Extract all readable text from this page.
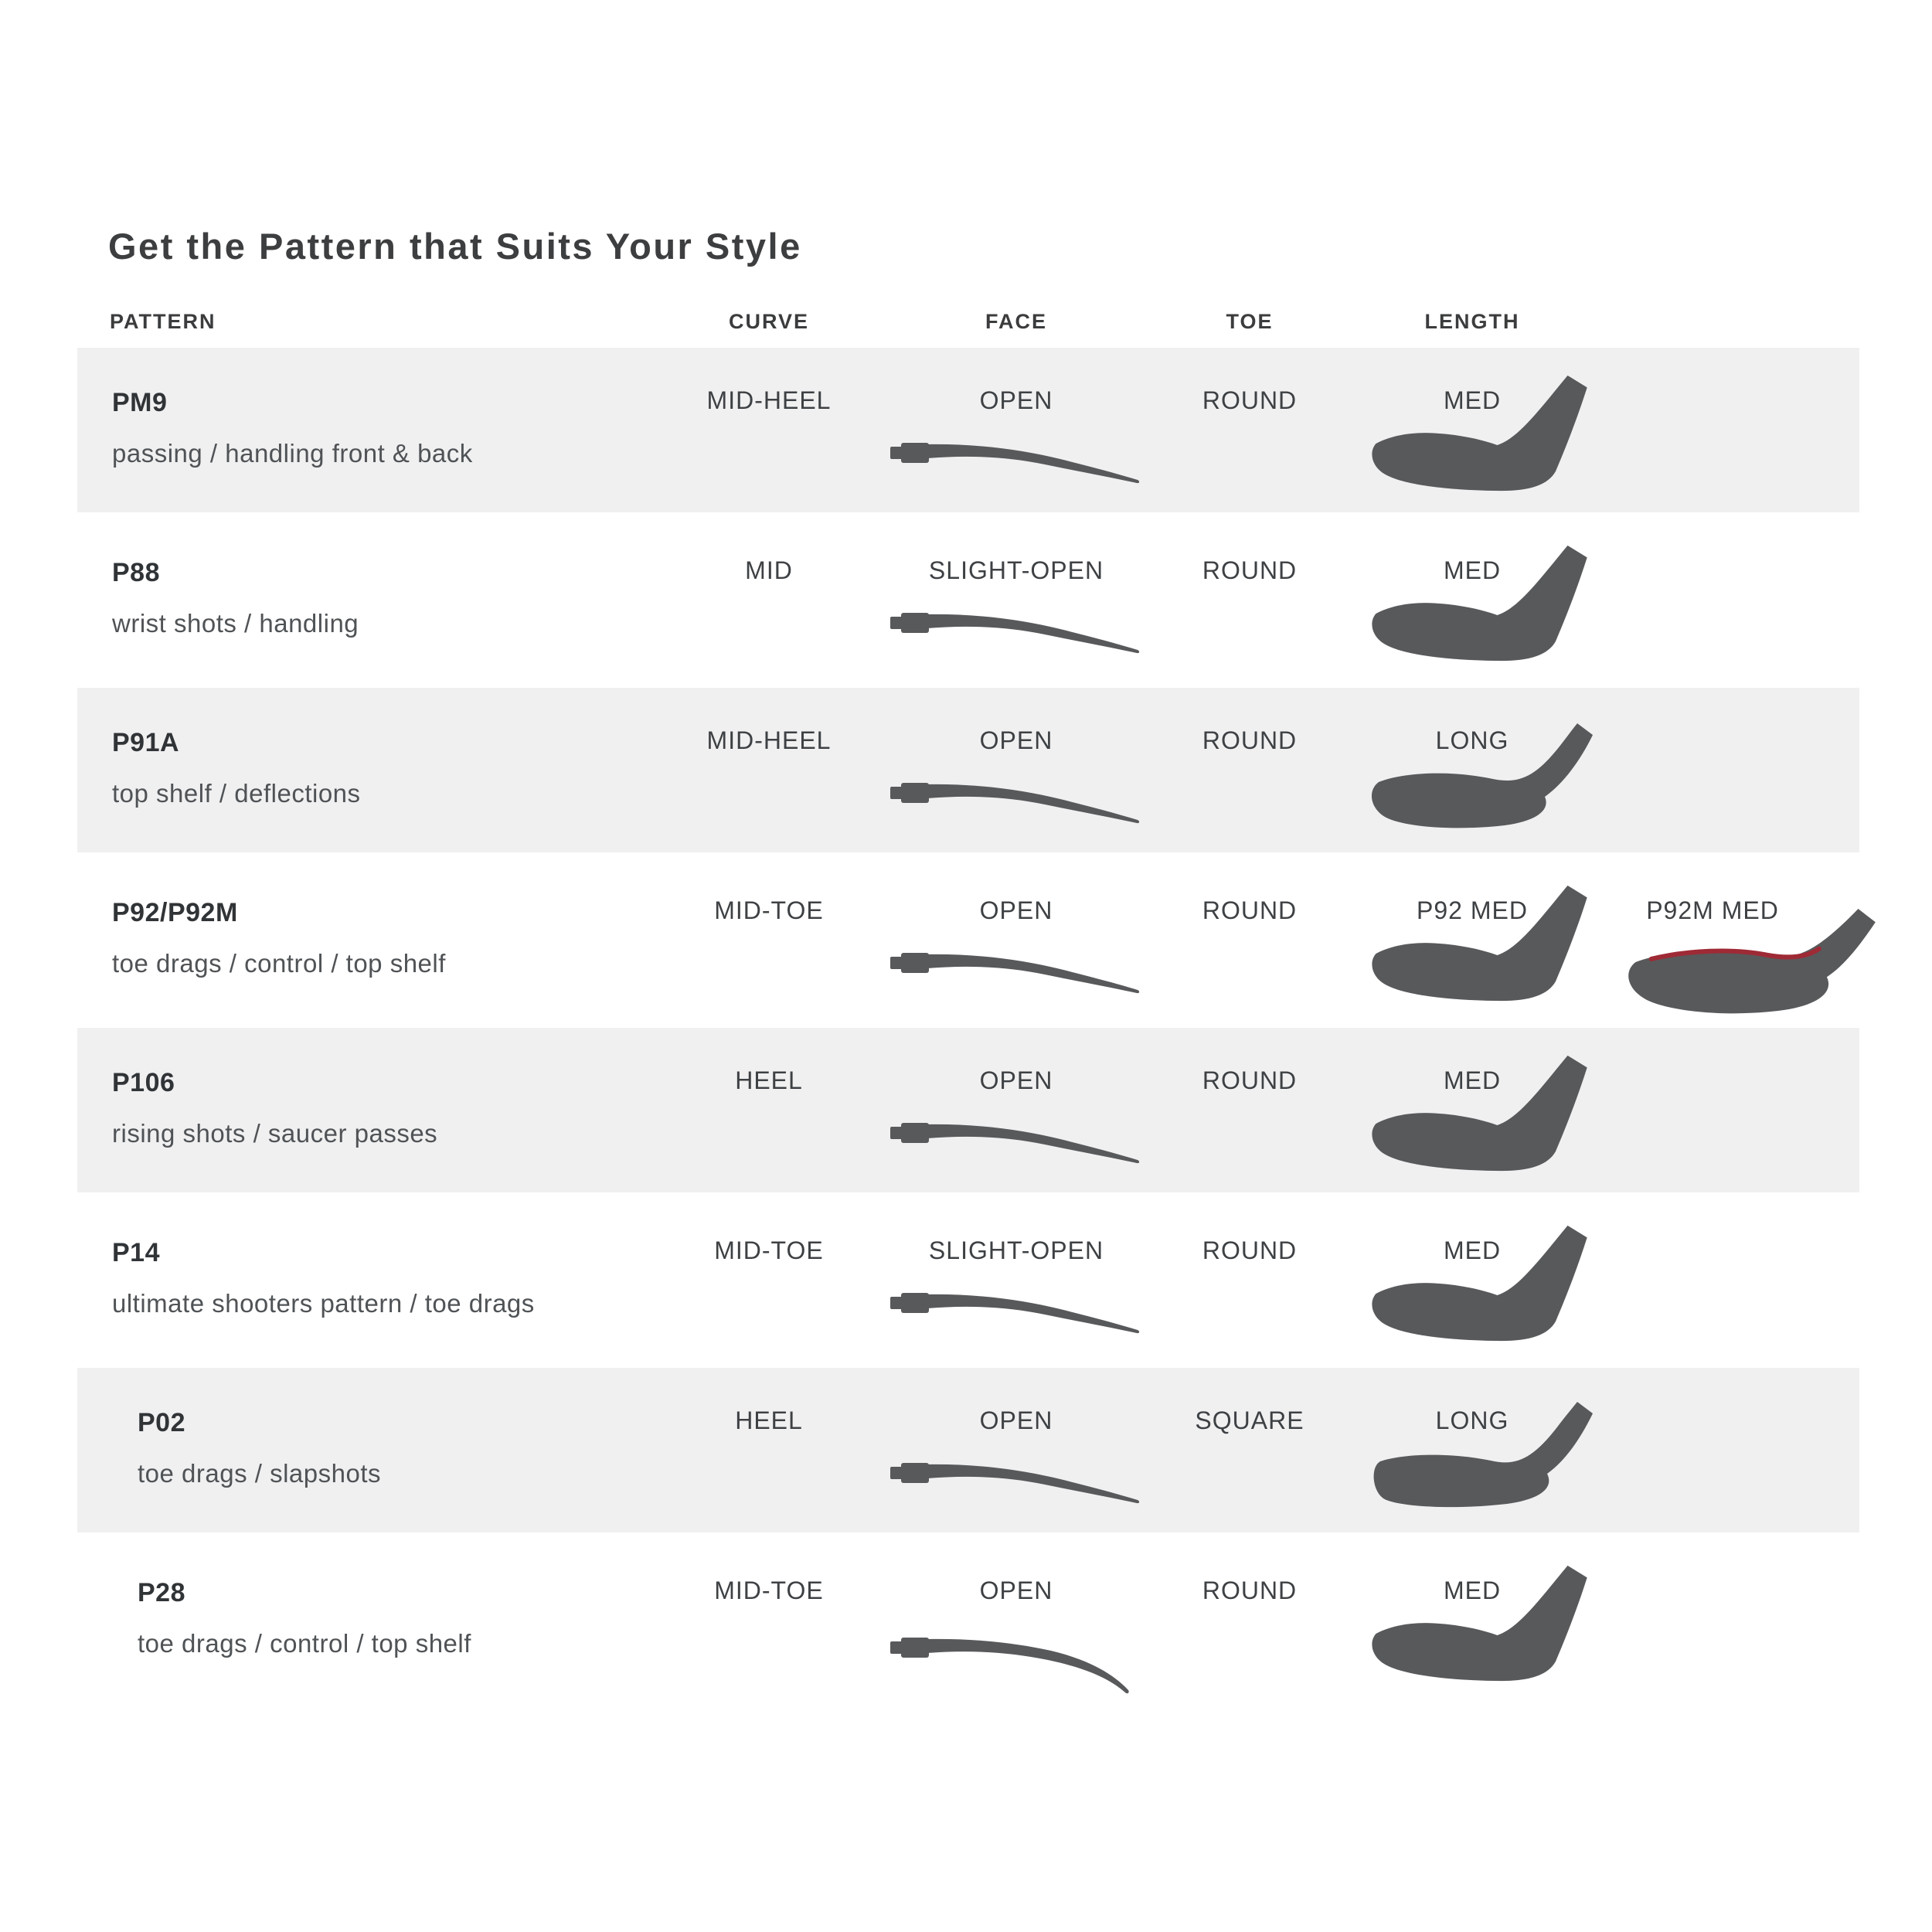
Get the Pattern that Suits Your Style
PATTERN	CURVE	FACE	TOE	LENGTH
PM9
passing / handling front & back
MID-HEEL	OPEN	ROUND	MED
P88
wrist shots / handling
MID	SLIGHT-OPEN	ROUND	MED
P91A
top shelf / deflections
MID-HEEL	OPEN	ROUND	LONG
P92/P92M
toe drags / control / top shelf
MID-TOE	OPEN	ROUND	P92 MED	P92M MED
P106
rising shots / saucer passes
HEEL	OPEN	ROUND	MED
P14
ultimate shooters pattern / toe drags
MID-TOE	SLIGHT-OPEN	ROUND	MED
P02
toe drags / slapshots
HEEL	OPEN	SQUARE	LONG
P28
toe drags / control / top shelf
MID-TOE	OPEN	ROUND	MED
